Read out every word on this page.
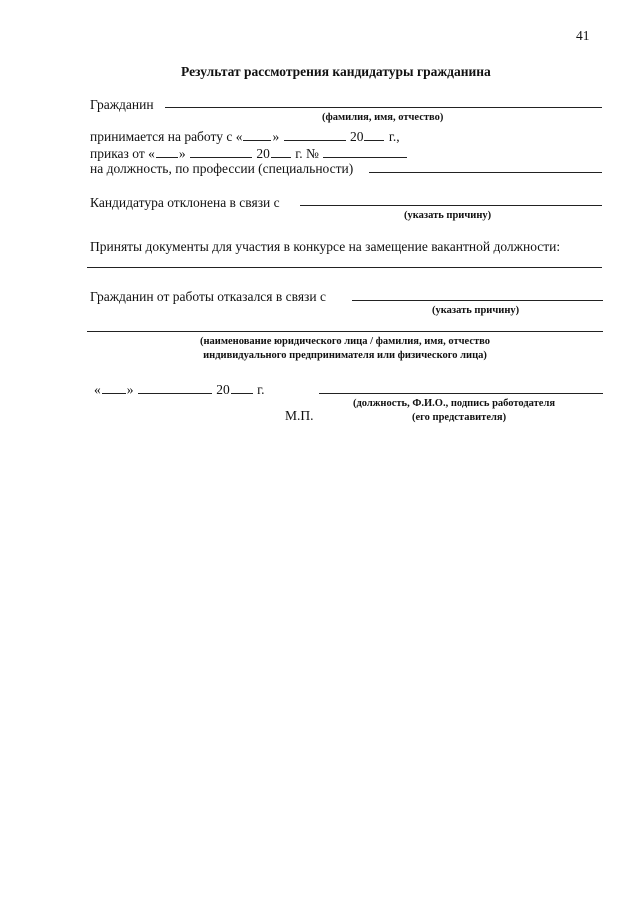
41
Результат рассмотрения кандидатуры гражданина
Гражданин
(фамилия, имя, отчество)
принимается на работу с « »	20 г.,
приказ от « »	20 г. №
на должность, по профессии (специальности)
Кандидатура отклонена в связи с
(указать причину)
Приняты документы для участия в конкурсе на замещение вакантной должности:
Гражданин от работы отказался в связи с
(указать причину)
(наименование юридического лица / фамилия, имя, отчество
индивидуального предпринимателя или физического лица)
« »	20 г.
(должность, Ф.И.О., подпись работодателя
М.П.	(его представителя)
